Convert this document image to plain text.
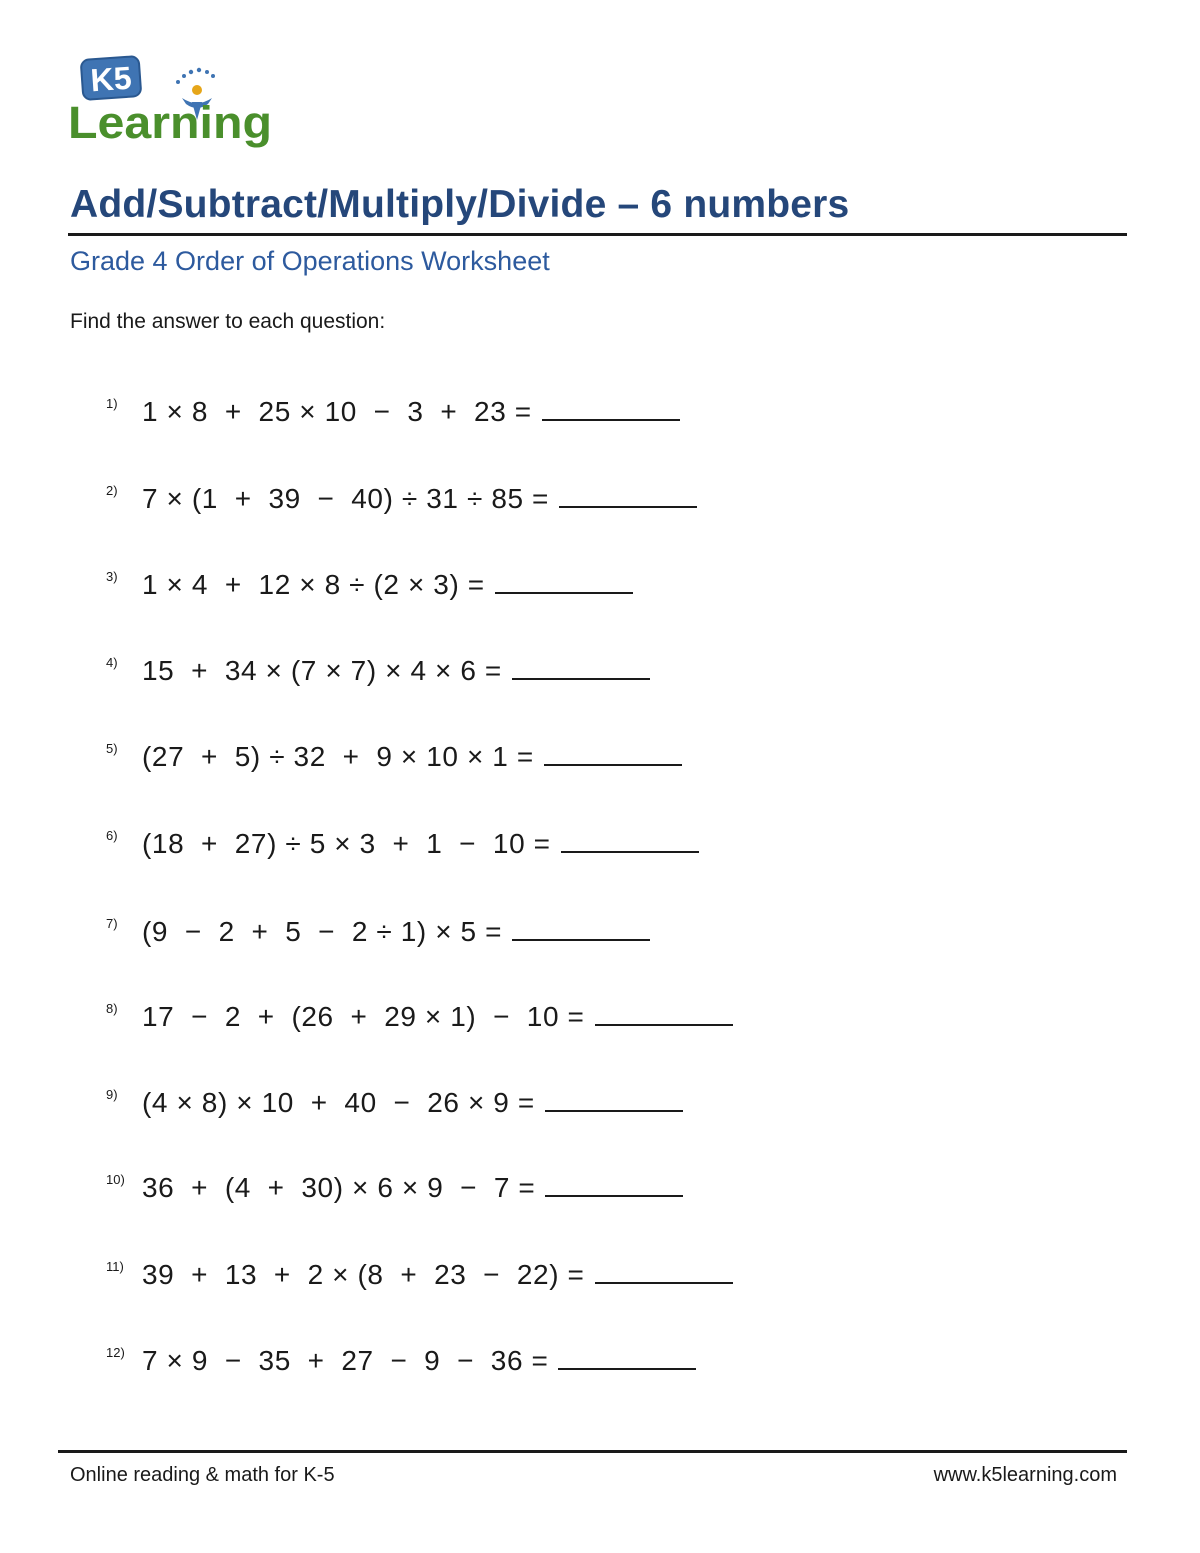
K5
Learning
Add/Subtract/Multiply/Divide – 6 numbers
Grade 4 Order of Operations Worksheet
Find the answer to each question:
1) 1 × 8  +  25 × 10  −  3  +  23 =
2) 7 × (1  +  39  −  40) ÷ 31 ÷ 85 =
3) 1 × 4  +  12 × 8 ÷ (2 × 3) =
4) 15  +  34 × (7 × 7) × 4 × 6 =
5) (27  +  5) ÷ 32  +  9 × 10 × 1 =
6) (18  +  27) ÷ 5 × 3  +  1  −  10 =
7) (9  −  2  +  5  −  2 ÷ 1) × 5 =
8) 17  −  2  +  (26  +  29 × 1)  −  10 =
9) (4 × 8) × 10  +  40  −  26 × 9 =
10) 36  +  (4  +  30) × 6 × 9  −  7 =
11) 39  +  13  +  2 × (8  +  23  −  22) =
12) 7 × 9  −  35  +  27  −  9  −  36 =
Online reading & math for K-5	www.k5learning.com
